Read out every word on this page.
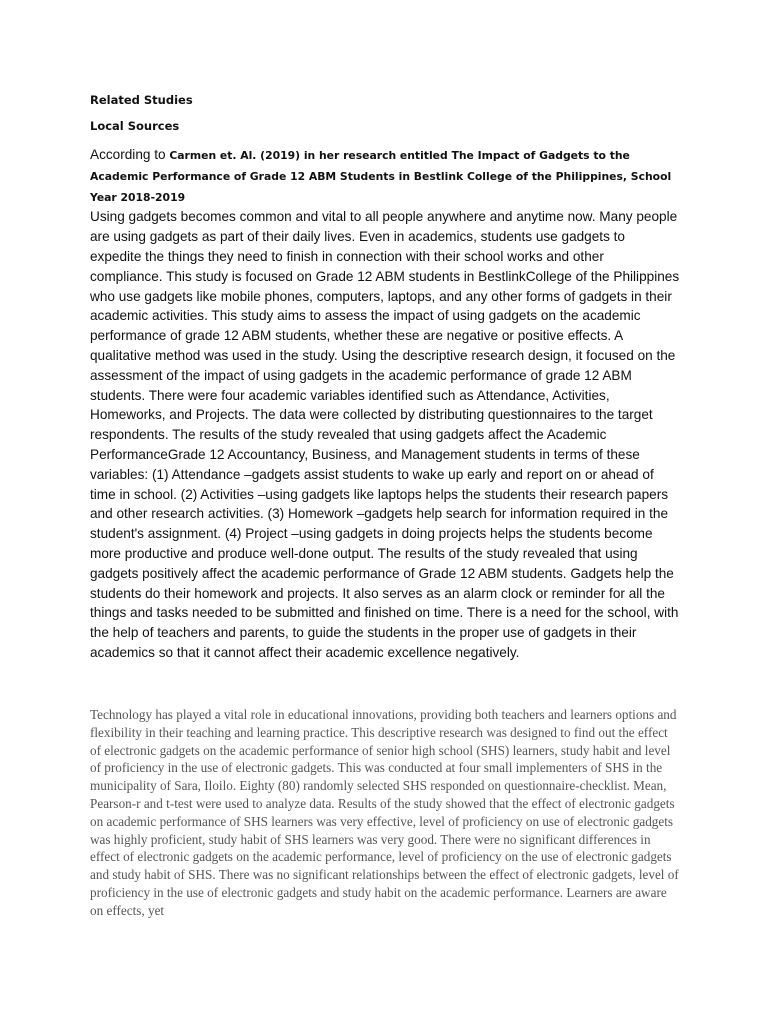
Related Studies

Local Sources

According to Carmen et. Al. (2019) in her research entitled The Impact of Gadgets to the Academic Performance of Grade 12 ABM Students in Bestlink College of the Philippines, School Year 2018-2019

Using gadgets becomes common and vital to all people anywhere and anytime now. Many people are using gadgets as part of their daily lives. Even in academics, students use gadgets to expedite the things they need to finish in connection with their school works and other compliance. This study is focused on Grade 12 ABM students in BestlinkCollege of the Philippines who use gadgets like mobile phones, computers, laptops, and any other forms of gadgets in their academic activities. This study aims to assess the impact of using gadgets on the academic performance of grade 12 ABM students, whether these are negative or positive effects. A qualitative method was used in the study. Using the descriptive research design, it focused on the assessment of the impact of using gadgets in the academic performance of grade 12 ABM students. There were four academic variables identified such as Attendance, Activities, Homeworks, and Projects. The data were collected by distributing questionnaires to the target respondents. The results of the study revealed that using gadgets affect the Academic PerformanceGrade 12 Accountancy, Business, and Management students in terms of these variables: (1) Attendance –gadgets assist students to wake up early and report on or ahead of time in school. (2) Activities –using gadgets like laptops helps the students their research papers and other research activities. (3) Homework –gadgets help search for information required in the student's assignment. (4) Project –using gadgets in doing projects helps the students become more productive and produce well-done output. The results of the study revealed that using gadgets positively affect the academic performance of Grade 12 ABM students. Gadgets help the students do their homework and projects. It also serves as an alarm clock or reminder for all the things and tasks needed to be submitted and finished on time. There is a need for the school, with the help of teachers and parents, to guide the students in the proper use of gadgets in their academics so that it cannot affect their academic excellence negatively.

Technology has played a vital role in educational innovations, providing both teachers and learners options and flexibility in their teaching and learning practice. This descriptive research was designed to find out the effect of electronic gadgets on the academic performance of senior high school (SHS) learners, study habit and level of proficiency in the use of electronic gadgets. This was conducted at four small implementers of SHS in the municipality of Sara, Iloilo. Eighty (80) randomly selected SHS responded on questionnaire-checklist. Mean, Pearson-r and t-test were used to analyze data. Results of the study showed that the effect of electronic gadgets on academic performance of SHS learners was very effective, level of proficiency on use of electronic gadgets was highly proficient, study habit of SHS learners was very good. There were no significant differences in effect of electronic gadgets on the academic performance, level of proficiency on the use of electronic gadgets and study habit of SHS. There was no significant relationships between the effect of electronic gadgets, level of proficiency in the use of electronic gadgets and study habit on the academic performance. Learners are aware on effects, yet
